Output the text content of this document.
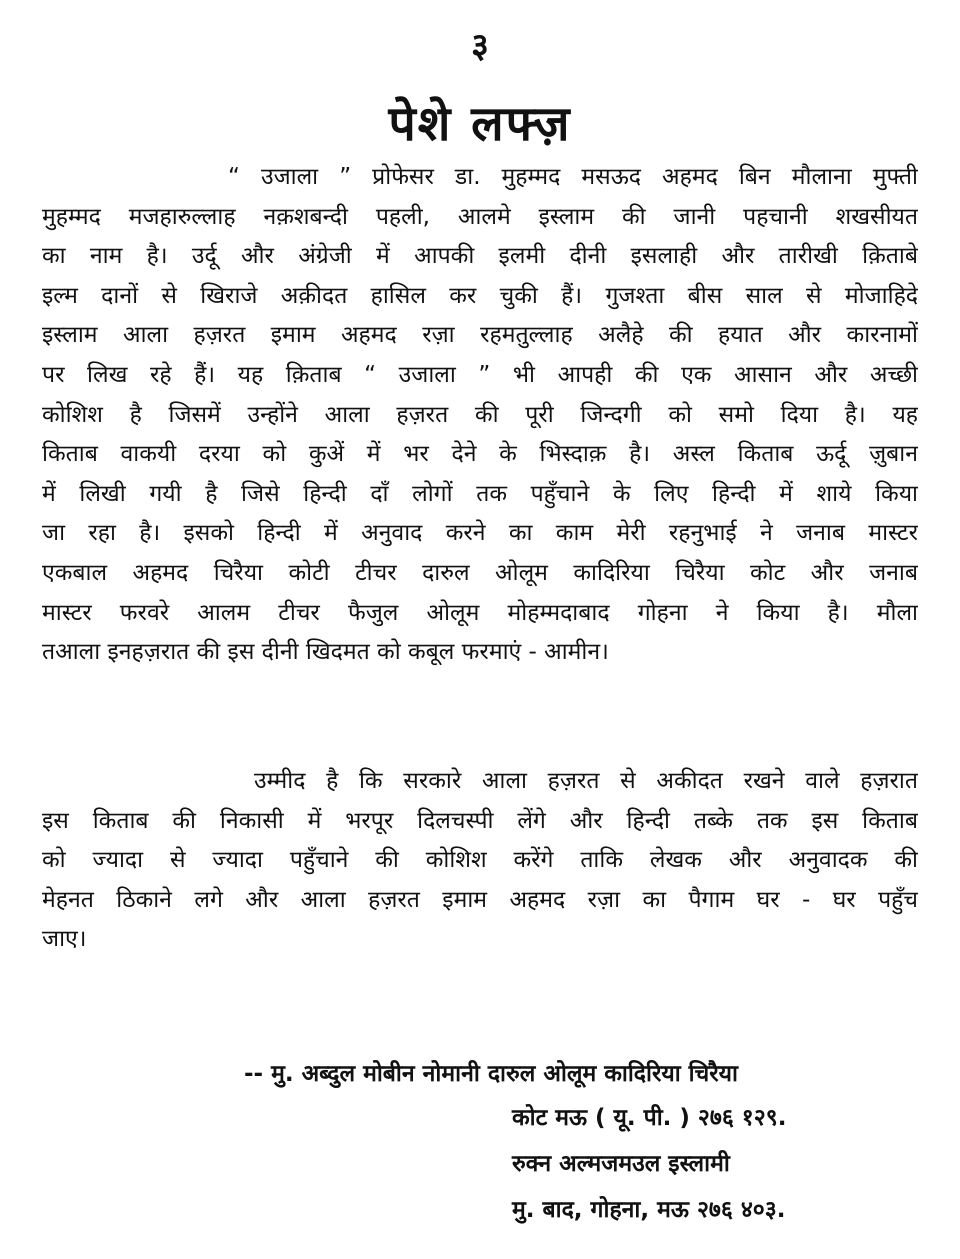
३
पेशे लफ्ज़
“ उजाला ” प्रोफेसर डा. मुहम्मद मसऊद अहमद बिन मौलाना मुफ्ती
मुहम्मद मजहारुल्लाह नक़शबन्दी पहली, आलमे इस्लाम की जानी पहचानी शखसीयत
का नाम है। उर्दू और अंग्रेजी में आपकी इलमी दीनी इसलाही और तारीखी क़िताबे
इल्म दानों से खिराजे अक़ीदत हासिल कर चुकी हैं। गुजश्ता बीस साल से मोजाहिदे
इस्लाम आला हज़रत इमाम अहमद रज़ा रहमतुल्लाह अलैहे की हयात और कारनामों
पर लिख रहे हैं। यह क़िताब “ उजाला ” भी आपही की एक आसान और अच्छी
कोशिश है जिसमें उन्होंने आला हज़रत की पूरी जिन्दगी को समो दिया है। यह
किताब वाकयी दरया को कुअें में भर देने के भिस्दाक़ है। अस्ल किताब ऊर्दू ज़ुबान
में लिखी गयी है जिसे हिन्दी दाँ लोगों तक पहुँचाने के लिए हिन्दी में शाये किया
जा रहा है। इसको हिन्दी में अनुवाद करने का काम मेरी रहनुभाई ने जनाब मास्टर
एकबाल अहमद चिरैया कोटी टीचर दारुल ओलूम कादिरिया चिरैया कोट और जनाब
मास्टर फरवरे आलम टीचर फैजुल ओलूम मोहम्मदाबाद गोहना ने किया है। मौला
तआला इनहज़रात की इस दीनी खिदमत को कबूल फरमाएं - आमीन।
उम्मीद है कि सरकारे आला हज़रत से अकीदत रखने वाले हज़रात
इस किताब की निकासी में भरपूर दिलचस्पी लेंगे और हिन्दी तब्के तक इस किताब
को ज्यादा से ज्यादा पहुँचाने की कोशिश करेंगे ताकि लेखक और अनुवादक की
मेहनत ठिकाने लगे और आला हज़रत इमाम अहमद रज़ा का पैगाम घर - घर पहुँच
जाए।
-- मु. अब्दुल मोबीन नोमानी दारुल ओलूम कादिरिया चिरैया
कोट मऊ ( यू. पी. ) २७६ १२९.
रुक्न अल्मजमउल इस्लामी
मु. बाद, गोहना, मऊ २७६ ४०३.
